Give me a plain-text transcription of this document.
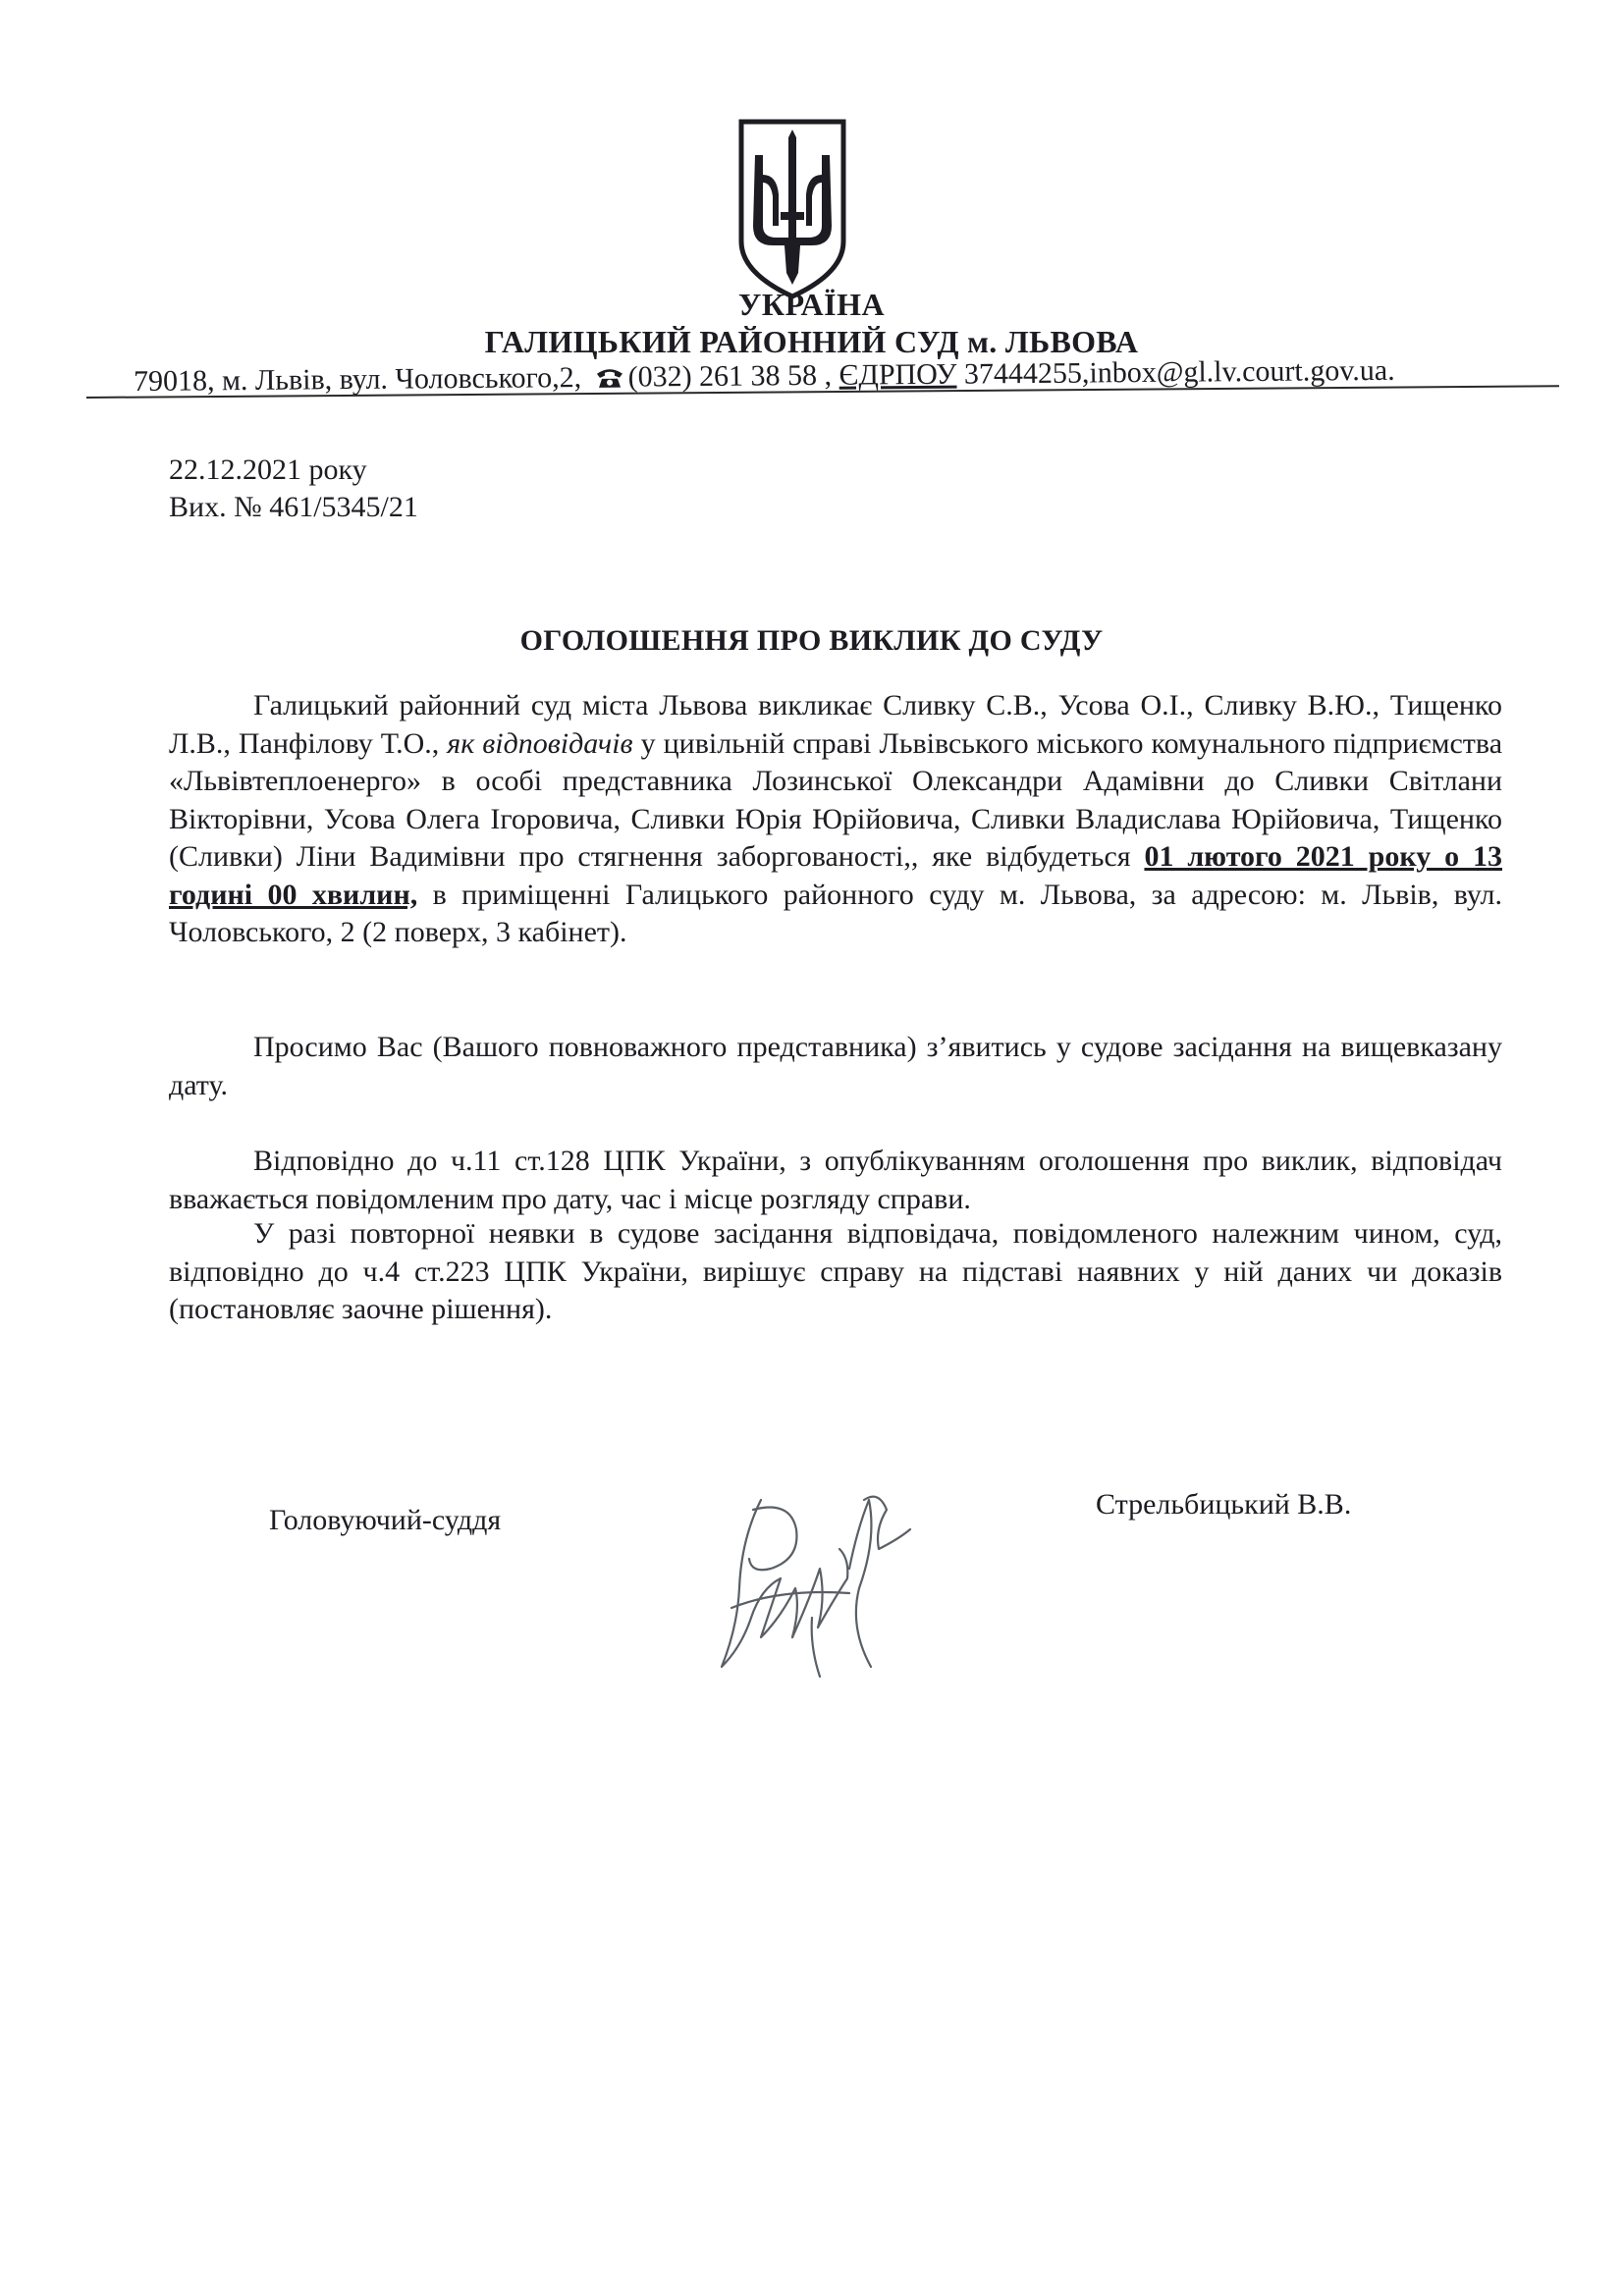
УКРАЇНА
ГАЛИЦЬКИЙ РАЙОННИЙ СУД м. ЛЬВОВА
79018, м. Львів, вул. Чоловського,2, (032) 261 38 58 , ЄДРПОУ 37444255,inbox@gl.lv.court.gov.ua.
22.12.2021 року
Вих. № 461/5345/21
ОГОЛОШЕННЯ ПРО ВИКЛИК ДО СУДУ
Галицький районний суд міста Львова викликає Сливку С.В., Усова О.І., Сливку В.Ю., Тищенко Л.В., Панфілову Т.О., як відповідачів у цивільній справі Львівського міського комунального підприємства «Львівтеплоенерго» в особі представника Лозинської Олександри Адамівни до Сливки Світлани Вікторівни, Усова Олега Ігоровича, Сливки Юрія Юрійовича, Сливки Владислава Юрійовича, Тищенко (Сливки) Ліни Вадимівни про стягнення заборгованості,, яке відбудеться 01 лютого 2021 року о 13 годині 00 хвилин, в приміщенні Галицького районного суду м. Львова, за адресою: м. Львів, вул. Чоловського, 2 (2 поверх, 3 кабінет).
Просимо Вас (Вашого повноважного представника) з’явитись у судове засідання на вищевказану дату.
Відповідно до ч.11 ст.128 ЦПК України, з опублікуванням оголошення про виклик, відповідач вважається повідомленим про дату, час і місце розгляду справи.
У разі повторної неявки в судове засідання відповідача, повідомленого належним чином, суд, відповідно до ч.4 ст.223 ЦПК України, вирішує справу на підставі наявних у ній даних чи доказів (постановляє заочне рішення).
Головуючий-суддя	Стрельбицький В.В.
